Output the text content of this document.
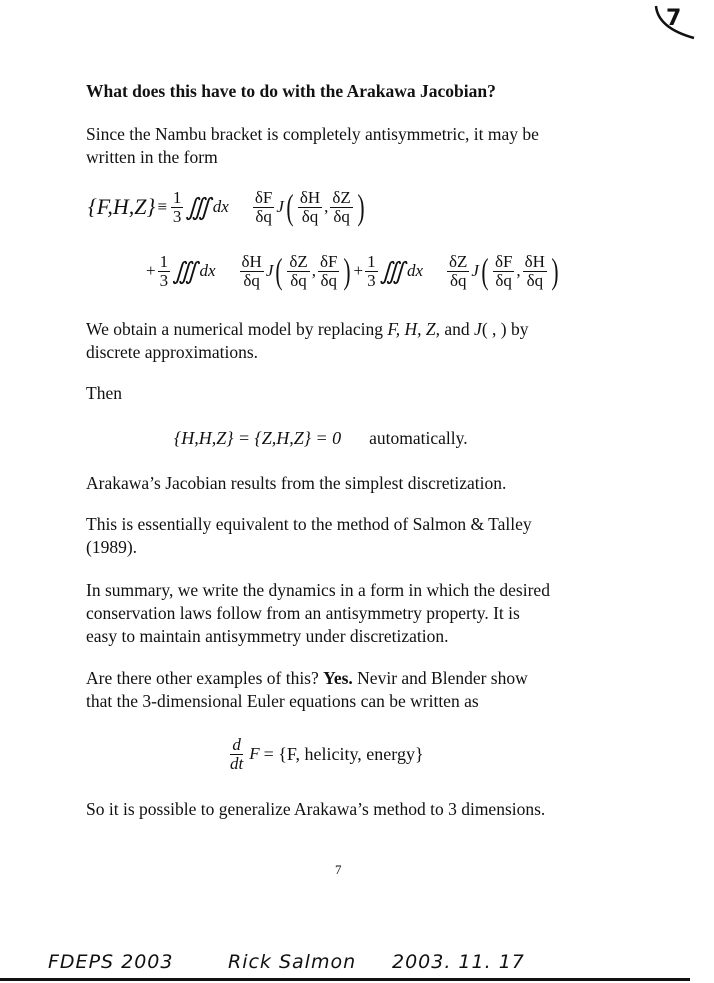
7
What does this have to do with the Arakawa Jacobian?
Since the Nambu bracket is completely antisymmetric, it may be
written in the form
$\{F,H,Z\} \equiv \frac{1}{3}$ ∭ dx $\frac{\delta F}{\delta q}$ J ( $\frac{\delta H}{\delta q}$ , $\frac{\delta Z}{\delta q}$ )
+ $\frac{1}{3}$ ∭ dx $\frac{\delta H}{\delta q}$ J ( $\frac{\delta Z}{\delta q}$ , $\frac{\delta F}{\delta q}$ ) + $\frac{1}{3}$ ∭ dx $\frac{\delta Z}{\delta q}$ J ( $\frac{\delta F}{\delta q}$ , $\frac{\delta H}{\delta q}$ )
We obtain a numerical model by replacing F, H, Z, and J( , ) by
discrete approximations.
Then
{H,H,Z} = {Z,H,Z} = 0 automatically.
Arakawa’s Jacobian results from the simplest discretization.
This is essentially equivalent to the method of Salmon & Talley
(1989).
In summary, we write the dynamics in a form in which the desired
conservation laws follow from an antisymmetry property. It is
easy to maintain antisymmetry under discretization.
Are there other examples of this? Yes. Nevir and Blender show
that the 3-dimensional Euler equations can be written as
$\frac{d}{dt}$ F = {F, helicity, energy}
So it is possible to generalize Arakawa’s method to 3 dimensions.
7
FDEPS 2003	Rick Salmon 2003. 11. 17
